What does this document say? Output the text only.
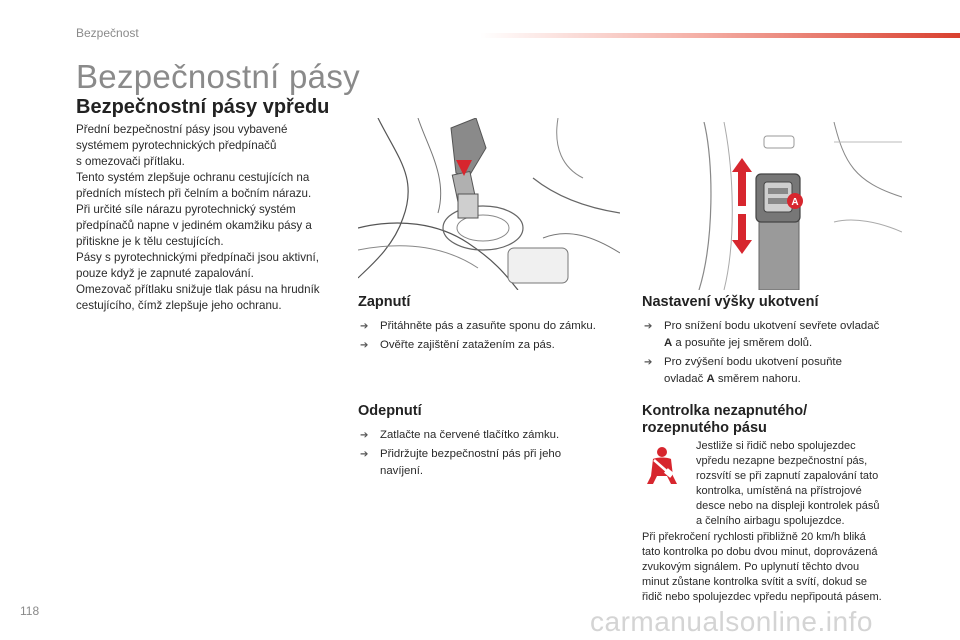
Bezpečnost
Bezpečnostní pásy
Bezpečnostní pásy vpředu

Přední bezpečnostní pásy jsou vybavené

systémem pyrotechnických předpínačů

s omezovači přítlaku.

Tento systém zlepšuje ochranu cestujících na

předních místech při čelním a bočním nárazu.

Při určité síle nárazu pyrotechnický systém

předpínačů napne v jediném okamžiku pásy a

přitiskne je k tělu cestujících.

Pásy s pyrotechnickými předpínači jsou aktivní,

pouze když je zapnuté zapalování.

Omezovač přítlaku snižuje tlak pásu na hrudník

cestujícího, čímž zlepšuje jeho ochranu.

A
Zapnutí
➔ Přitáhněte pás a zasuňte sponu do zámku.
➔ Ověřte zajištění zatažením za pás.
Odepnutí
➔ Zatlačte na červené tlačítko zámku.
➔ Přidržujte bezpečnostní pás při jeho
navíjení.
Nastavení výšky ukotvení
➔ Pro snížení bodu ukotvení sevřete ovladač
A a posuňte jej směrem dolů.
➔ Pro zvýšení bodu ukotvení posuňte
ovladač A směrem nahoru.
Kontrolka nezapnutého/
rozepnutého pásu
Jestliže si řidič nebo spolujezdec
vpředu nezapne bezpečnostní pás,
rozsvítí se při zapnutí zapalování tato
kontrolka, umístěná na přístrojové
desce nebo na displeji kontrolek pásů
a čelního airbagu spolujezdce.
Při překročení rychlosti přibližně 20 km/h bliká
tato kontrolka po dobu dvou minut, doprovázená
zvukovým signálem. Po uplynutí těchto dvou
minut zůstane kontrolka svítit a svítí, dokud se
řidič nebo spolujezdec vpředu nepřipoutá pásem.
118	carmanualsonline.info
